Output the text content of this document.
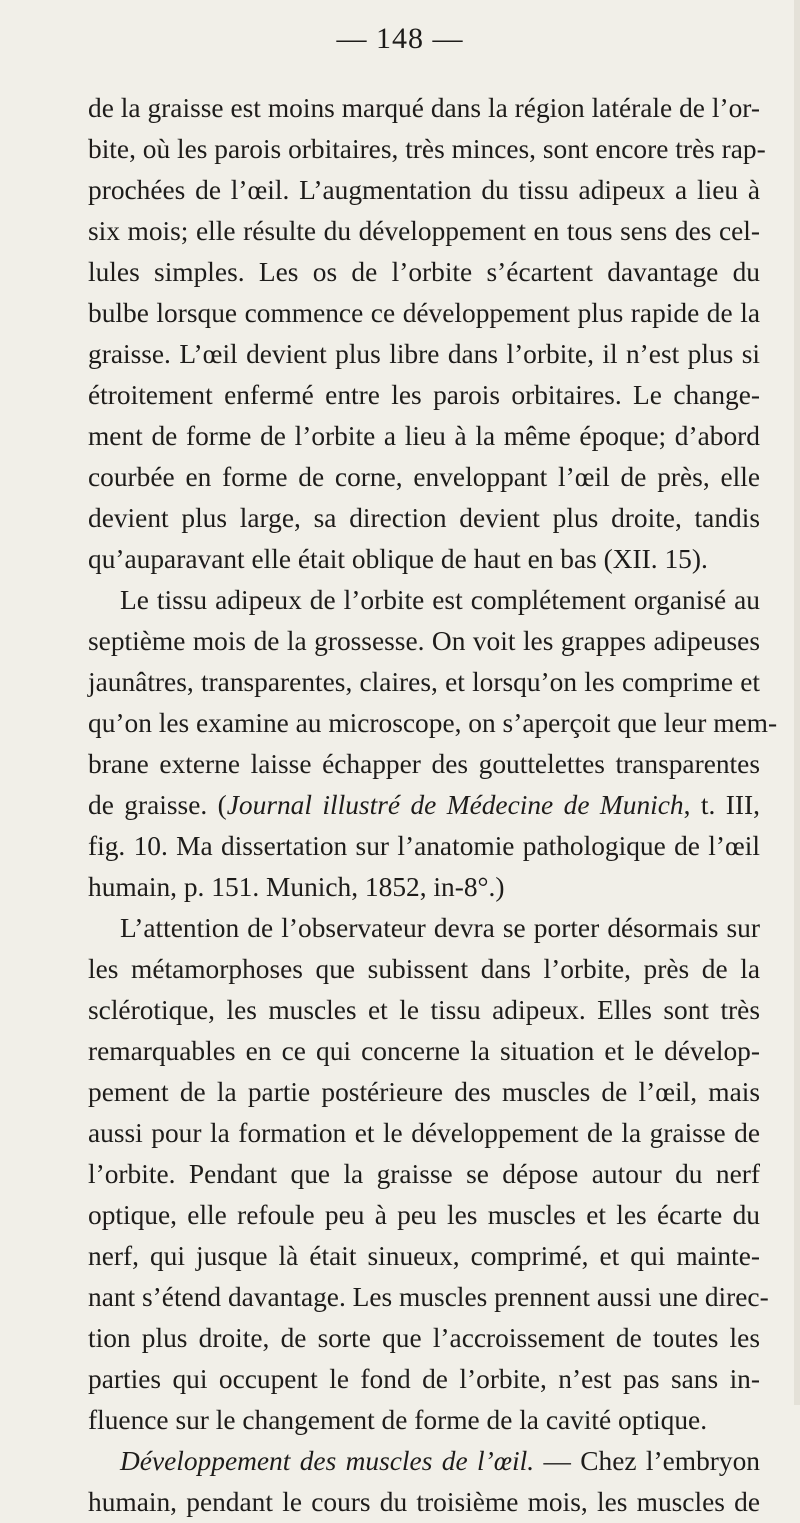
— 148 —
de la graisse est moins marqué dans la région latérale de l’or-
bite, où les parois orbitaires, très minces, sont encore très rap-
prochées de l’œil. L’augmentation du tissu adipeux a lieu à
six mois; elle résulte du développement en tous sens des cel-
lules simples. Les os de l’orbite s’écartent davantage du
bulbe lorsque commence ce développement plus rapide de la
graisse. L’œil devient plus libre dans l’orbite, il n’est plus si
étroitement enfermé entre les parois orbitaires. Le change-
ment de forme de l’orbite a lieu à la même époque; d’abord
courbée en forme de corne, enveloppant l’œil de près, elle
devient plus large, sa direction devient plus droite, tandis
qu’auparavant elle était oblique de haut en bas (XII. 15).
Le tissu adipeux de l’orbite est complétement organisé au
septième mois de la grossesse. On voit les grappes adipeuses
jaunâtres, transparentes, claires, et lorsqu’on les comprime et
qu’on les examine au microscope, on s’aperçoit que leur mem-
brane externe laisse échapper des gouttelettes transparentes
de graisse. (Journal illustré de Médecine de Munich, t. III,
fig. 10. Ma dissertation sur l’anatomie pathologique de l’œil
humain, p. 151. Munich, 1852, in-8°.)
L’attention de l’observateur devra se porter désormais sur
les métamorphoses que subissent dans l’orbite, près de la
sclérotique, les muscles et le tissu adipeux. Elles sont très
remarquables en ce qui concerne la situation et le dévelop-
pement de la partie postérieure des muscles de l’œil, mais
aussi pour la formation et le développement de la graisse de
l’orbite. Pendant que la graisse se dépose autour du nerf
optique, elle refoule peu à peu les muscles et les écarte du
nerf, qui jusque là était sinueux, comprimé, et qui mainte-
nant s’étend davantage. Les muscles prennent aussi une direc-
tion plus droite, de sorte que l’accroissement de toutes les
parties qui occupent le fond de l’orbite, n’est pas sans in-
fluence sur le changement de forme de la cavité optique.
Développement des muscles de l’œil. — Chez l’embryon
humain, pendant le cours du troisième mois, les muscles de
